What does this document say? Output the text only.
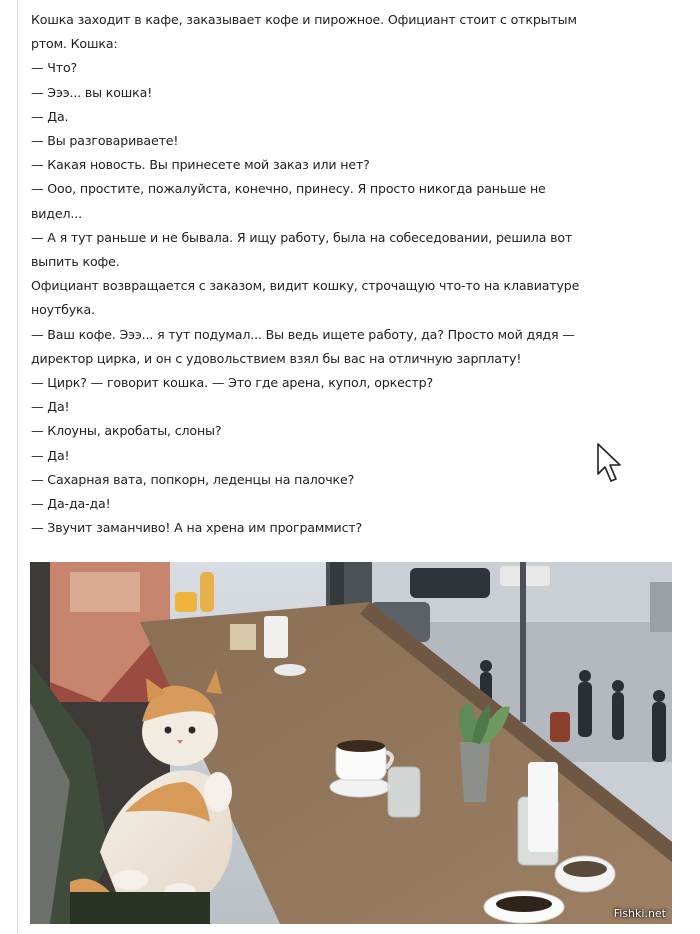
Кошка заходит в кафе, заказывает кофе и пирожное. Официант стоит с открытым
ртом. Кошка:
— Что?
— Эээ... вы кошка!
— Да.
— Вы разговариваете!
— Какая новость. Вы принесете мой заказ или нет?
— Ооо, простите, пожалуйста, конечно, принесу. Я просто никогда раньше не
видел...
— А я тут раньше и не бывала. Я ищу работу, была на собеседовании, решила вот
выпить кофе.
Официант возвращается с заказом, видит кошку, строчащую что-то на клавиатуре
ноутбука.
— Ваш кофе. Эээ... я тут подумал... Вы ведь ищете работу, да? Просто мой дядя —
директор цирка, и он с удовольствием взял бы вас на отличную зарплату!
— Цирк? — говорит кошка. — Это где арена, купол, оркестр?
— Да!
— Клоуны, акробаты, слоны?
— Да!
— Сахарная вата, попкорн, леденцы на палочке?
— Да-да-да!
— Звучит заманчиво! А на хрена им программист?
Fishki.net
